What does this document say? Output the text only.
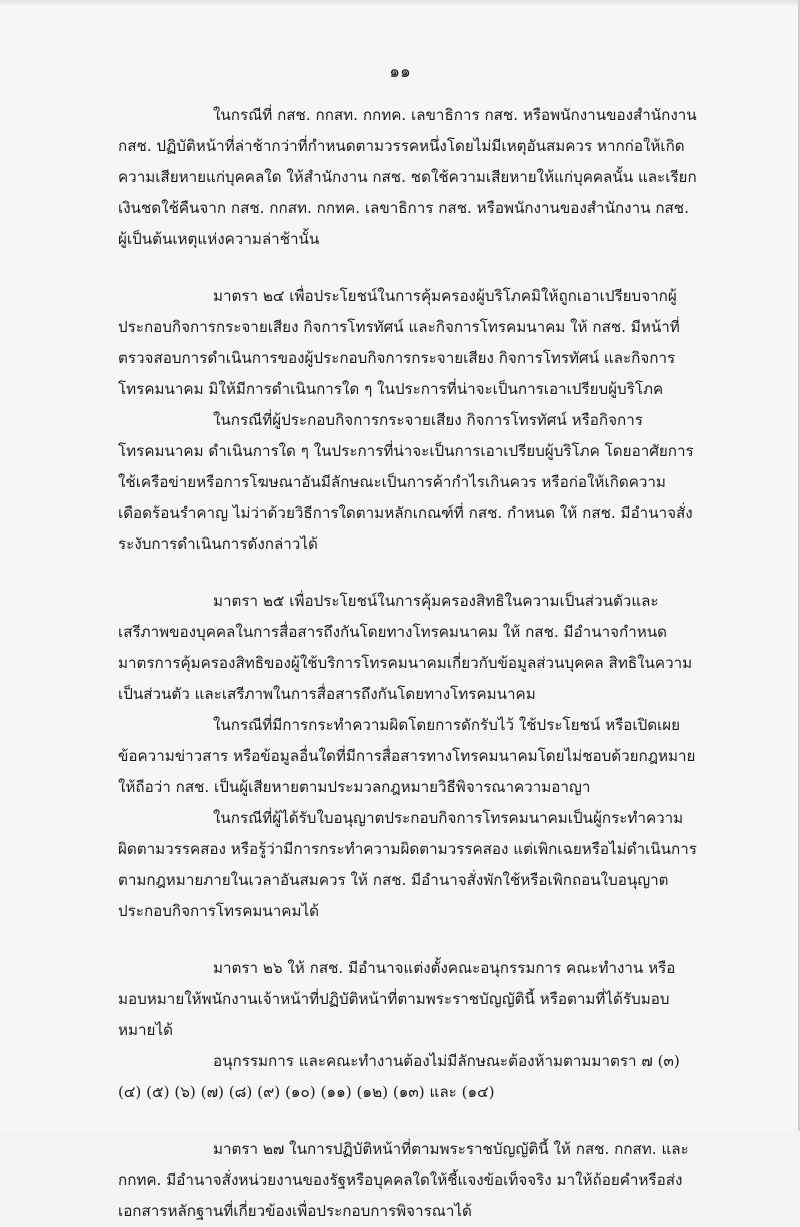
๑๑

ในกรณีที่ กสช. กกสท. กกทค. เลขาธิการ กสช. หรือพนักงานของสำนักงาน กสช. ปฏิบัติหน้าที่ล่าช้ากว่าที่กำหนดตามวรรคหนึ่งโดยไม่มีเหตุอันสมควร หากก่อให้เกิดความเสียหายแก่บุคคลใด ให้สำนักงาน กสช. ชดใช้ความเสียหายให้แก่บุคคลนั้น และเรียกเงินชดใช้คืนจาก กสช. กกสท. กกทค. เลขาธิการ กสช. หรือพนักงานของสำนักงาน กสช. ผู้เป็นต้นเหตุแห่งความล่าช้านั้น

มาตรา ๒๔ เพื่อประโยชน์ในการคุ้มครองผู้บริโภคมิให้ถูกเอาเปรียบจากผู้ประกอบกิจการกระจายเสียง กิจการโทรทัศน์ และกิจการโทรคมนาคม ให้ กสช. มีหน้าที่ตรวจสอบการดำเนินการของผู้ประกอบกิจการกระจายเสียง กิจการโทรทัศน์ และกิจการโทรคมนาคม มิให้มีการดำเนินการใด ๆ ในประการที่น่าจะเป็นการเอาเปรียบผู้บริโภค

ในกรณีที่ผู้ประกอบกิจการกระจายเสียง กิจการโทรทัศน์ หรือกิจการโทรคมนาคม ดำเนินการใด ๆ ในประการที่น่าจะเป็นการเอาเปรียบผู้บริโภค โดยอาศัยการใช้เครือข่ายหรือการโฆษณาอันมีลักษณะเป็นการค้ากำไรเกินควร หรือก่อให้เกิดความเดือดร้อนรำคาญ ไม่ว่าด้วยวิธีการใดตามหลักเกณฑ์ที่ กสช. กำหนด ให้ กสช. มีอำนาจสั่งระงับการดำเนินการดังกล่าวได้

มาตรา ๒๕ เพื่อประโยชน์ในการคุ้มครองสิทธิในความเป็นส่วนตัวและเสรีภาพของบุคคลในการสื่อสารถึงกันโดยทางโทรคมนาคม ให้ กสช. มีอำนาจกำหนดมาตรการคุ้มครองสิทธิของผู้ใช้บริการโทรคมนาคมเกี่ยวกับข้อมูลส่วนบุคคล สิทธิในความเป็นส่วนตัว และเสรีภาพในการสื่อสารถึงกันโดยทางโทรคมนาคม

ในกรณีที่มีการกระทำความผิดโดยการดักรับไว้ ใช้ประโยชน์ หรือเปิดเผยข้อความข่าวสาร หรือข้อมูลอื่นใดที่มีการสื่อสารทางโทรคมนาคมโดยไม่ชอบด้วยกฎหมาย ให้ถือว่า กสช. เป็นผู้เสียหายตามประมวลกฎหมายวิธีพิจารณาความอาญา

ในกรณีที่ผู้ได้รับใบอนุญาตประกอบกิจการโทรคมนาคมเป็นผู้กระทำความผิดตามวรรคสอง หรือรู้ว่ามีการกระทำความผิดตามวรรคสอง แต่เพิกเฉยหรือไม่ดำเนินการตามกฎหมายภายในเวลาอันสมควร ให้ กสช. มีอำนาจสั่งพักใช้หรือเพิกถอนใบอนุญาตประกอบกิจการโทรคมนาคมได้

มาตรา ๒๖ ให้ กสช. มีอำนาจแต่งตั้งคณะอนุกรรมการ คณะทำงาน หรือมอบหมายให้พนักงานเจ้าหน้าที่ปฏิบัติหน้าที่ตามพระราชบัญญัตินี้ หรือตามที่ได้รับมอบหมายได้

อนุกรรมการ และคณะทำงานต้องไม่มีลักษณะต้องห้ามตามมาตรา ๗ (๓) (๔) (๕) (๖) (๗) (๘) (๙) (๑๐) (๑๑) (๑๒) (๑๓) และ (๑๔)

มาตรา ๒๗ ในการปฏิบัติหน้าที่ตามพระราชบัญญัตินี้ ให้ กสช. กกสท. และ กกทค. มีอำนาจสั่งหน่วยงานของรัฐหรือบุคคลใดให้ชี้แจงข้อเท็จจริง มาให้ถ้อยคำหรือส่งเอกสารหลักฐานที่เกี่ยวข้องเพื่อประกอบการพิจารณาได้
